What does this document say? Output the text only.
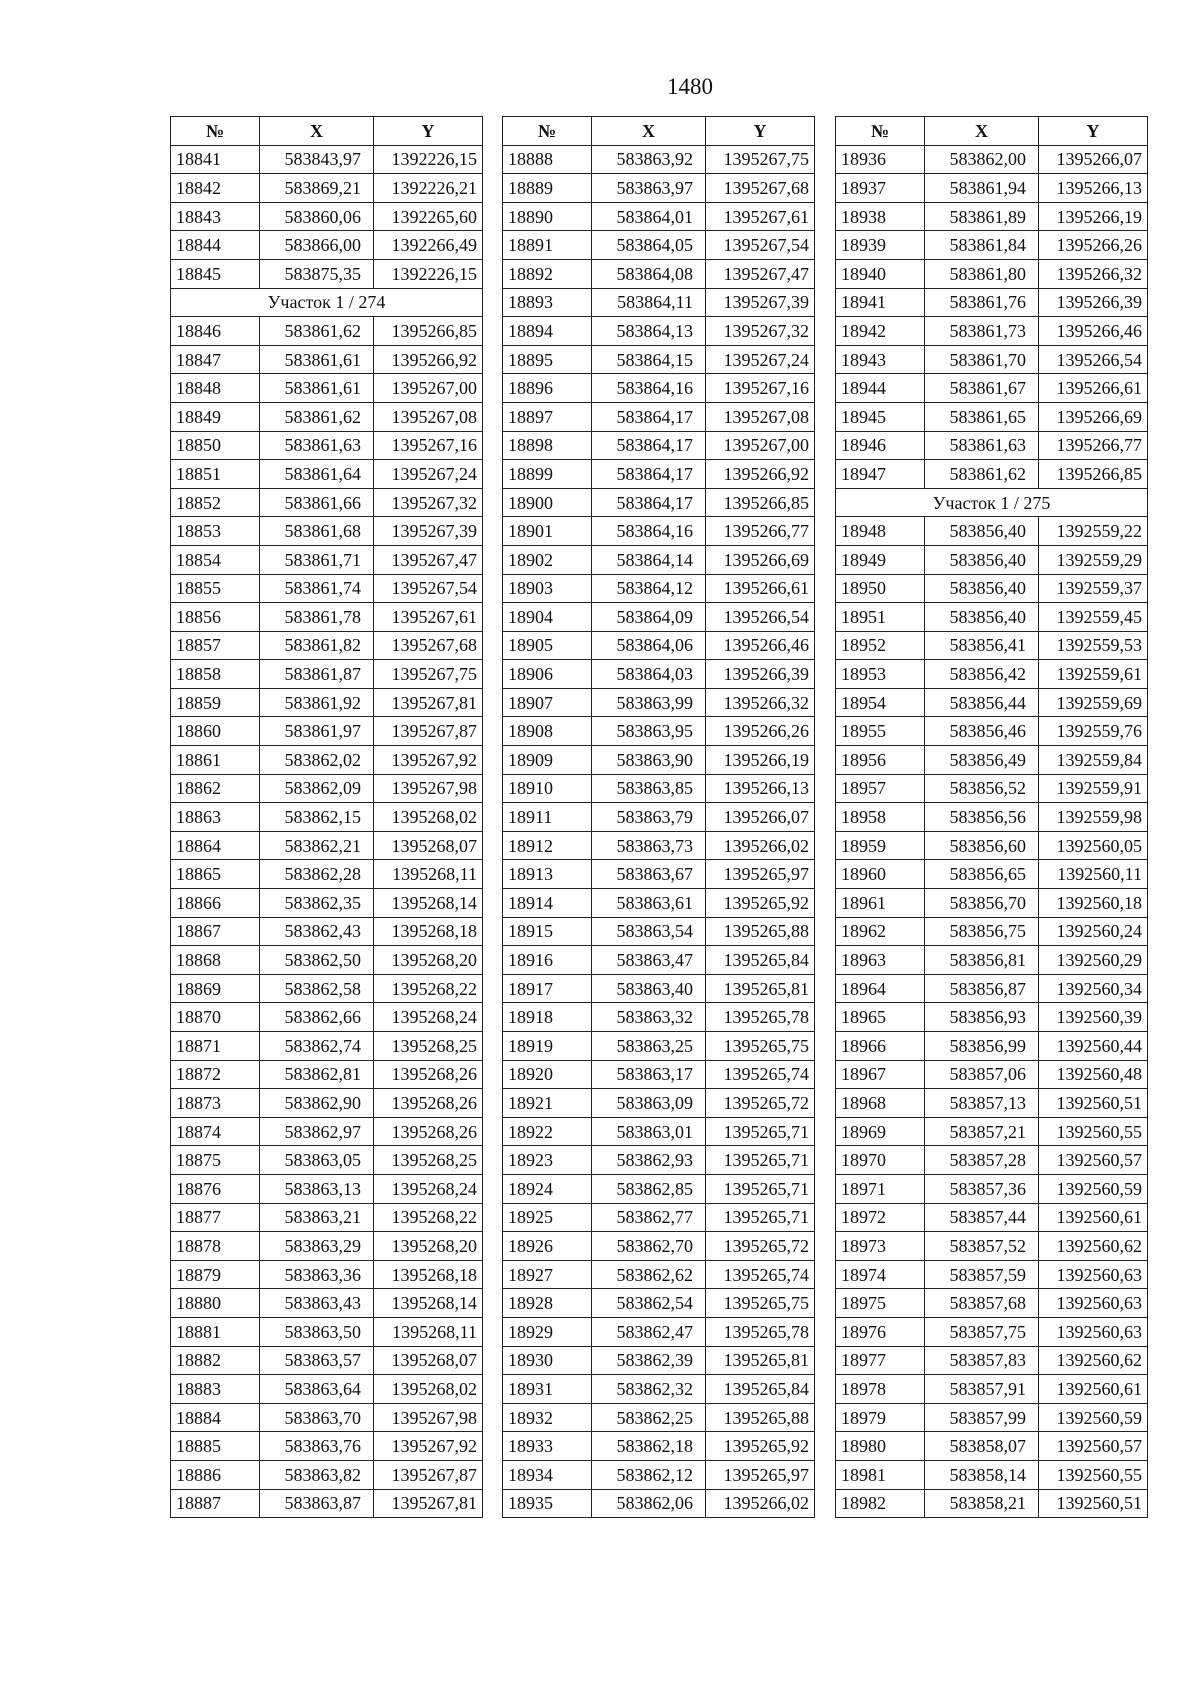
1480
№	X	Y
18841	583843,97	1392226,15
18842	583869,21	1392226,21
18843	583860,06	1392265,60
18844	583866,00	1392266,49
18845	583875,35	1392226,15
Участок 1 / 274		
18846	583861,62	1395266,85
18847	583861,61	1395266,92
18848	583861,61	1395267,00
18849	583861,62	1395267,08
18850	583861,63	1395267,16
18851	583861,64	1395267,24
18852	583861,66	1395267,32
18853	583861,68	1395267,39
18854	583861,71	1395267,47
18855	583861,74	1395267,54
18856	583861,78	1395267,61
18857	583861,82	1395267,68
18858	583861,87	1395267,75
18859	583861,92	1395267,81
18860	583861,97	1395267,87
18861	583862,02	1395267,92
18862	583862,09	1395267,98
18863	583862,15	1395268,02
18864	583862,21	1395268,07
18865	583862,28	1395268,11
18866	583862,35	1395268,14
18867	583862,43	1395268,18
18868	583862,50	1395268,20
18869	583862,58	1395268,22
18870	583862,66	1395268,24
18871	583862,74	1395268,25
18872	583862,81	1395268,26
18873	583862,90	1395268,26
18874	583862,97	1395268,26
18875	583863,05	1395268,25
18876	583863,13	1395268,24
18877	583863,21	1395268,22
18878	583863,29	1395268,20
18879	583863,36	1395268,18
18880	583863,43	1395268,14
18881	583863,50	1395268,11
18882	583863,57	1395268,07
18883	583863,64	1395268,02
18884	583863,70	1395267,98
18885	583863,76	1395267,92
18886	583863,82	1395267,87
18887	583863,87	1395267,81
№	X	Y
18888	583863,92	1395267,75
18889	583863,97	1395267,68
18890	583864,01	1395267,61
18891	583864,05	1395267,54
18892	583864,08	1395267,47
18893	583864,11	1395267,39
18894	583864,13	1395267,32
18895	583864,15	1395267,24
18896	583864,16	1395267,16
18897	583864,17	1395267,08
18898	583864,17	1395267,00
18899	583864,17	1395266,92
18900	583864,17	1395266,85
18901	583864,16	1395266,77
18902	583864,14	1395266,69
18903	583864,12	1395266,61
18904	583864,09	1395266,54
18905	583864,06	1395266,46
18906	583864,03	1395266,39
18907	583863,99	1395266,32
18908	583863,95	1395266,26
18909	583863,90	1395266,19
18910	583863,85	1395266,13
18911	583863,79	1395266,07
18912	583863,73	1395266,02
18913	583863,67	1395265,97
18914	583863,61	1395265,92
18915	583863,54	1395265,88
18916	583863,47	1395265,84
18917	583863,40	1395265,81
18918	583863,32	1395265,78
18919	583863,25	1395265,75
18920	583863,17	1395265,74
18921	583863,09	1395265,72
18922	583863,01	1395265,71
18923	583862,93	1395265,71
18924	583862,85	1395265,71
18925	583862,77	1395265,71
18926	583862,70	1395265,72
18927	583862,62	1395265,74
18928	583862,54	1395265,75
18929	583862,47	1395265,78
18930	583862,39	1395265,81
18931	583862,32	1395265,84
18932	583862,25	1395265,88
18933	583862,18	1395265,92
18934	583862,12	1395265,97
18935	583862,06	1395266,02
№	X	Y
18936	583862,00	1395266,07
18937	583861,94	1395266,13
18938	583861,89	1395266,19
18939	583861,84	1395266,26
18940	583861,80	1395266,32
18941	583861,76	1395266,39
18942	583861,73	1395266,46
18943	583861,70	1395266,54
18944	583861,67	1395266,61
18945	583861,65	1395266,69
18946	583861,63	1395266,77
18947	583861,62	1395266,85
Участок 1 / 275		
18948	583856,40	1392559,22
18949	583856,40	1392559,29
18950	583856,40	1392559,37
18951	583856,40	1392559,45
18952	583856,41	1392559,53
18953	583856,42	1392559,61
18954	583856,44	1392559,69
18955	583856,46	1392559,76
18956	583856,49	1392559,84
18957	583856,52	1392559,91
18958	583856,56	1392559,98
18959	583856,60	1392560,05
18960	583856,65	1392560,11
18961	583856,70	1392560,18
18962	583856,75	1392560,24
18963	583856,81	1392560,29
18964	583856,87	1392560,34
18965	583856,93	1392560,39
18966	583856,99	1392560,44
18967	583857,06	1392560,48
18968	583857,13	1392560,51
18969	583857,21	1392560,55
18970	583857,28	1392560,57
18971	583857,36	1392560,59
18972	583857,44	1392560,61
18973	583857,52	1392560,62
18974	583857,59	1392560,63
18975	583857,68	1392560,63
18976	583857,75	1392560,63
18977	583857,83	1392560,62
18978	583857,91	1392560,61
18979	583857,99	1392560,59
18980	583858,07	1392560,57
18981	583858,14	1392560,55
18982	583858,21	1392560,51
